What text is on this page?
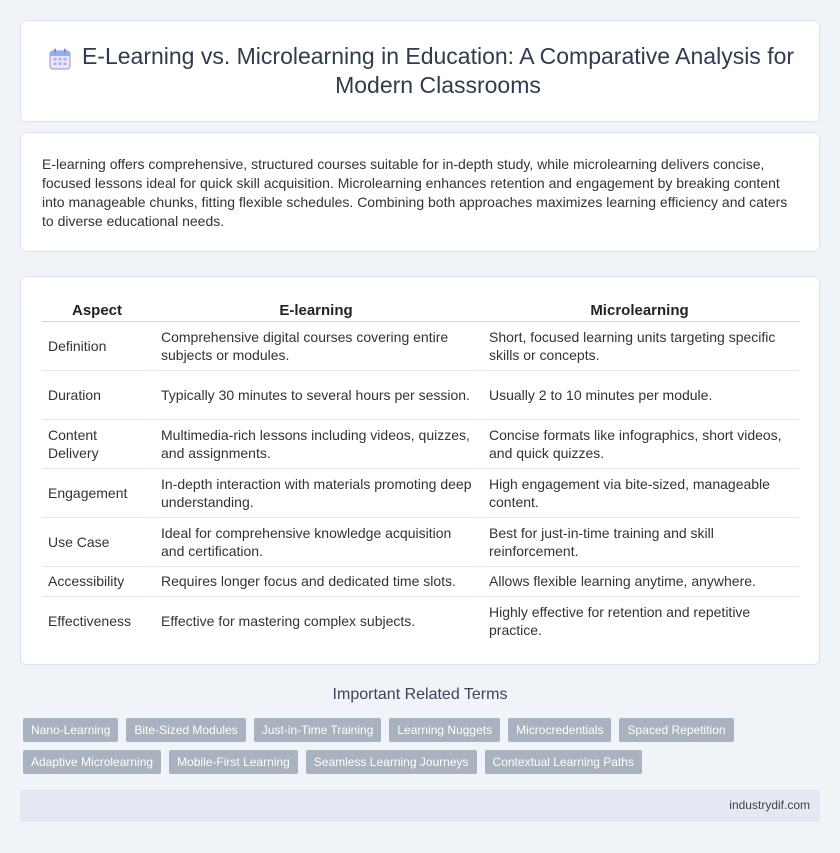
E-Learning vs. Microlearning in Education: A Comparative Analysis for Modern Classrooms

E-learning offers comprehensive, structured courses suitable for in-depth study, while microlearning delivers concise, focused lessons ideal for quick skill acquisition. Microlearning enhances retention and engagement by breaking content into manageable chunks, fitting flexible schedules. Combining both approaches maximizes learning efficiency and caters to diverse educational needs.

Aspect	E-learning	Microlearning
Definition	Comprehensive digital courses covering entire subjects or modules.	Short, focused learning units targeting specific skills or concepts.
Duration	Typically 30 minutes to several hours per session.	Usually 2 to 10 minutes per module.
Content Delivery	Multimedia-rich lessons including videos, quizzes, and assignments.	Concise formats like infographics, short videos, and quick quizzes.
Engagement	In-depth interaction with materials promoting deep understanding.	High engagement via bite-sized, manageable content.
Use Case	Ideal for comprehensive knowledge acquisition and certification.	Best for just-in-time training and skill reinforcement.
Accessibility	Requires longer focus and dedicated time slots.	Allows flexible learning anytime, anywhere.
Effectiveness	Effective for mastering complex subjects.	Highly effective for retention and repetitive practice.
Important Related Terms
Nano-Learning	Bite-Sized Modules	Just-in-Time Training	Learning Nuggets	Microcredentials	Spaced Repetition
Adaptive Microlearning	Mobile-First Learning	Seamless Learning Journeys	Contextual Learning Paths
industrydif.com
